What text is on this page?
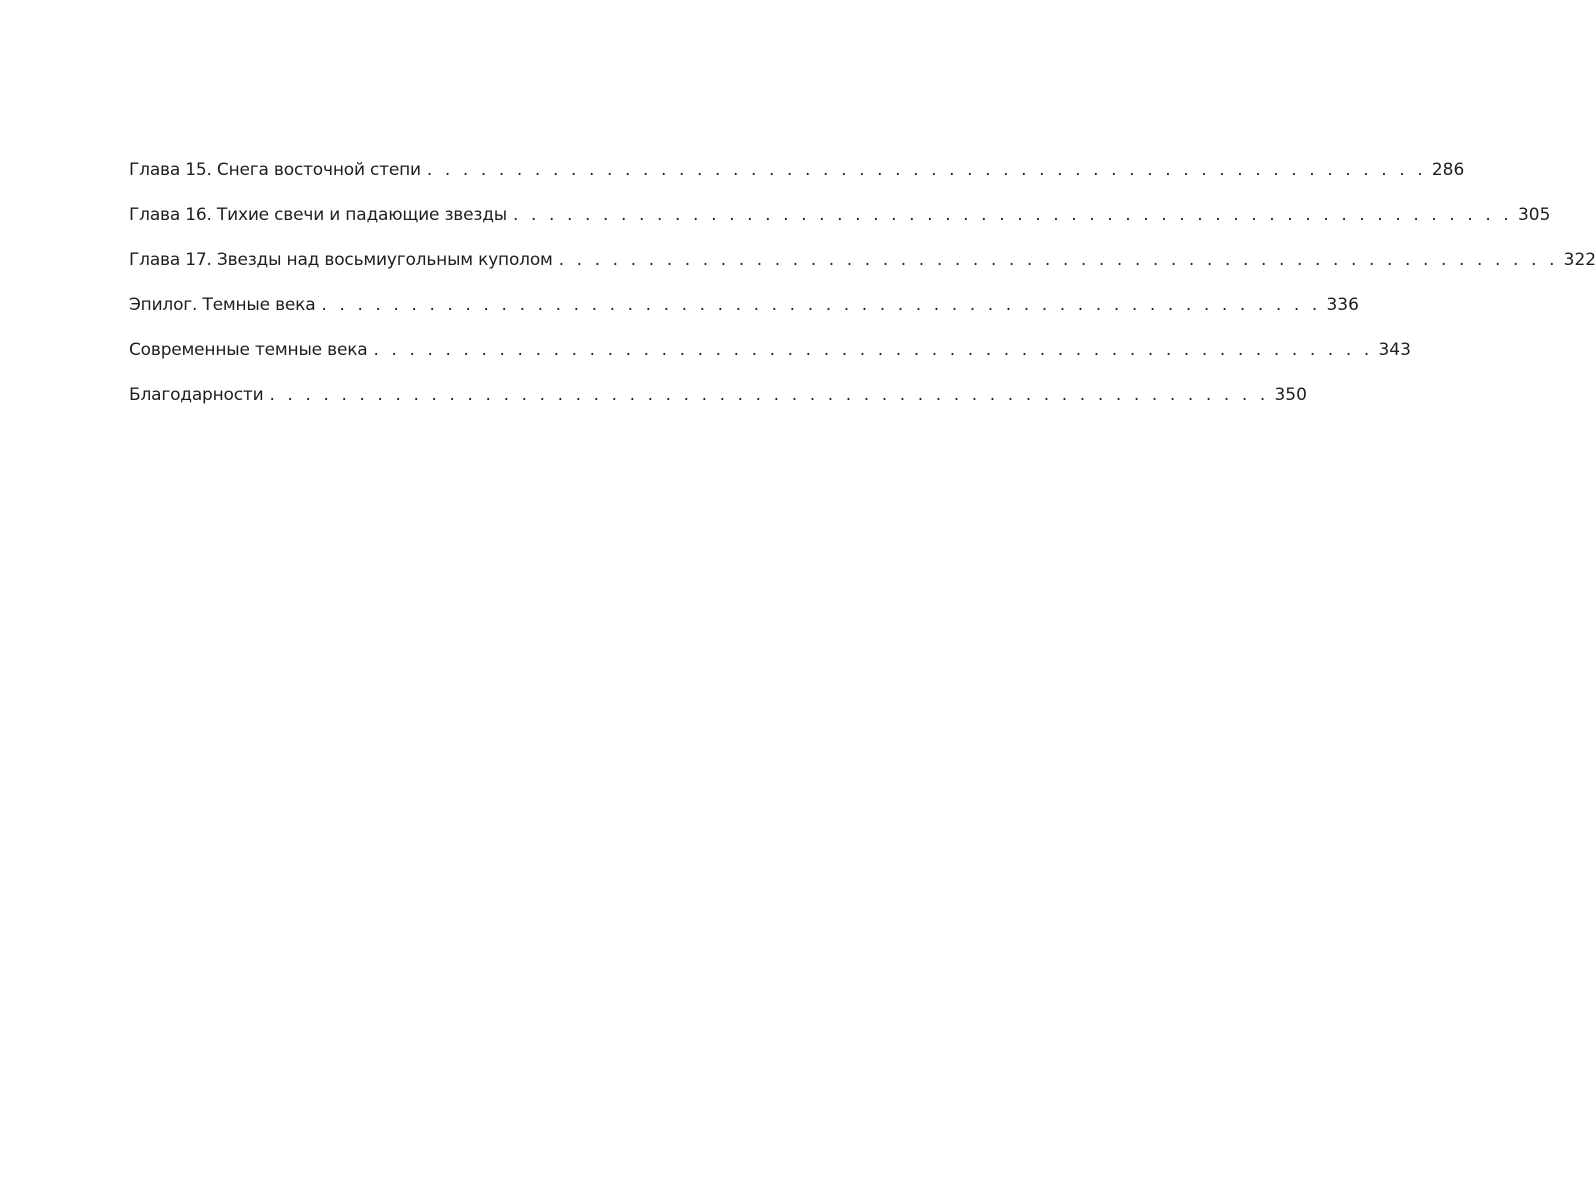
Глава 15. Снега восточной степи . . . . . . . . . . . . . . . . . . . . . . . . . . . . . . . . . . . . . . . . . . . . . . . . . . . . . . . . 286
Глава 16. Тихие свечи и падающие звезды . . . . . . . . . . . . . . . . . . . . . . . . . . . . . . . . . . . . . . . . . . . . . . . . . . . . . . . . 305
Глава 17. Звезды над восьмиугольным куполом . . . . . . . . . . . . . . . . . . . . . . . . . . . . . . . . . . . . . . . . . . . . . . . . . . . . . . . . 322
Эпилог. Темные века . . . . . . . . . . . . . . . . . . . . . . . . . . . . . . . . . . . . . . . . . . . . . . . . . . . . . . . . 336
Современные темные века . . . . . . . . . . . . . . . . . . . . . . . . . . . . . . . . . . . . . . . . . . . . . . . . . . . . . . . . 343
Благодарности . . . . . . . . . . . . . . . . . . . . . . . . . . . . . . . . . . . . . . . . . . . . . . . . . . . . . . . . 350
